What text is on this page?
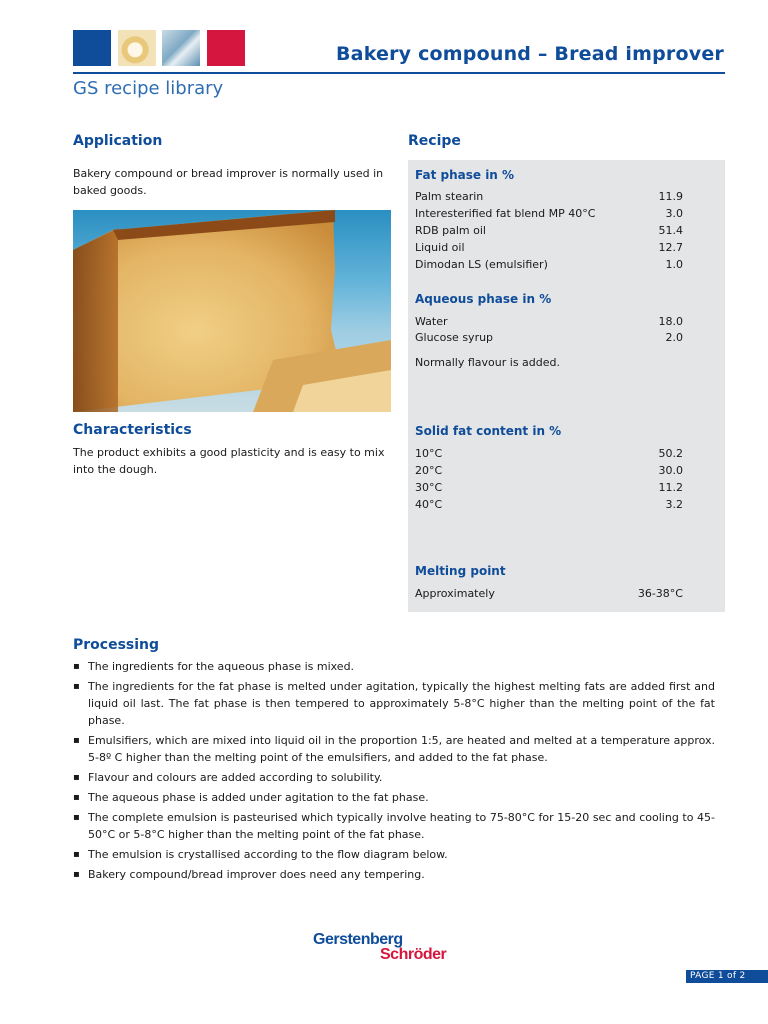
Bakery compound – Bread improver
GS recipe library
Application
Bakery compound or bread improver is normally used in baked goods.
Characteristics
The product exhibits a good plasticity and is easy to mix into the dough.
Recipe
Fat phase in %
Palm stearin	11.9
Interesterified fat blend MP 40°C	3.0
RDB palm oil	51.4
Liquid oil	12.7
Dimodan LS (emulsifier)	1.0
Aqueous phase in %
Water	18.0
Glucose syrup	2.0
Normally flavour is added.
Solid fat content in %
10°C	50.2
20°C	30.0
30°C	11.2
40°C	3.2
Melting point
Approximately	36-38°C
Processing
▪ The ingredients for the aqueous phase is mixed.
▪ The ingredients for the fat phase is melted under agitation, typically the highest melting fats are added first and liquid oil last. The fat phase is then tempered to approximately 5-8°C higher than the melting point of the fat phase.
▪ Emulsifiers, which are mixed into liquid oil in the proportion 1:5, are heated and melted at a temperature approx. 5-8º C higher than the melting point of the emulsifiers, and added to the fat phase.
▪ Flavour and colours are added according to solubility.
▪ The aqueous phase is added under agitation to the fat phase.
▪ The complete emulsion is pasteurised which typically involve heating to 75-80°C for 15-20 sec and cooling to 45-50°C or 5-8°C higher than the melting point of the fat phase.
▪ The emulsion is crystallised according to the flow diagram below.
▪ Bakery compound/bread improver does need any tempering.
Gerstenberg
Schröder
PAGE 1 of 2
